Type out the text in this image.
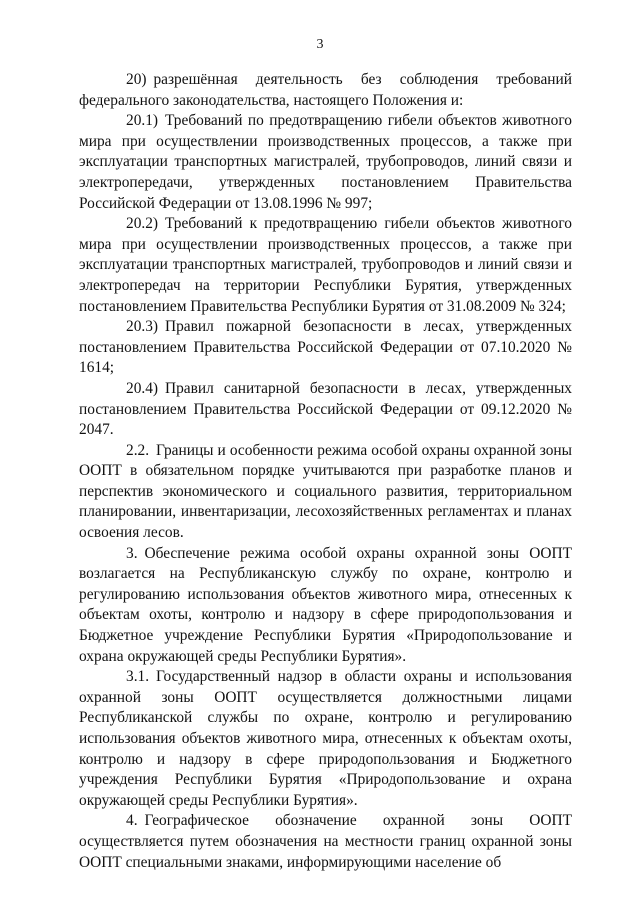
3

20) разрешённая деятельность без соблюдения требований федерального законодательства, настоящего Положения и:

20.1) Требований по предотвращению гибели объектов животного мира при осуществлении производственных процессов, а также при эксплуатации транспортных магистралей, трубопроводов, линий связи и электропередачи, утвержденных постановлением Правительства Российской Федерации от 13.08.1996 № 997;

20.2) Требований к предотвращению гибели объектов животного мира при осуществлении производственных процессов, а также при эксплуатации транспортных магистралей, трубопроводов и линий связи и электропередач на территории Республики Бурятия, утвержденных постановлением Правительства Республики Бурятия от 31.08.2009 № 324;

20.3) Правил пожарной безопасности в лесах, утвержденных постановлением Правительства Российской Федерации от 07.10.2020 № 1614;

20.4) Правил санитарной безопасности в лесах, утвержденных постановлением Правительства Российской Федерации от 09.12.2020 № 2047.

2.2. Границы и особенности режима особой охраны охранной зоны ООПТ в обязательном порядке учитываются при разработке планов и перспектив экономического и социального развития, территориальном планировании, инвентаризации, лесохозяйственных регламентах и планах освоения лесов.

3. Обеспечение режима особой охраны охранной зоны ООПТ возлагается на Республиканскую службу по охране, контролю и регулированию использования объектов животного мира, отнесенных к объектам охоты, контролю и надзору в сфере природопользования и Бюджетное учреждение Республики Бурятия «Природопользование и охрана окружающей среды Республики Бурятия».

3.1. Государственный надзор в области охраны и использования охранной зоны ООПТ осуществляется должностными лицами Республиканской службы по охране, контролю и регулированию использования объектов животного мира, отнесенных к объектам охоты, контролю и надзору в сфере природопользования и Бюджетного учреждения Республики Бурятия «Природопользование и охрана окружающей среды Республики Бурятия».

4. Географическое обозначение охранной зоны ООПТ осуществляется путем обозначения на местности границ охранной зоны ООПТ специальными знаками, информирующими население об
